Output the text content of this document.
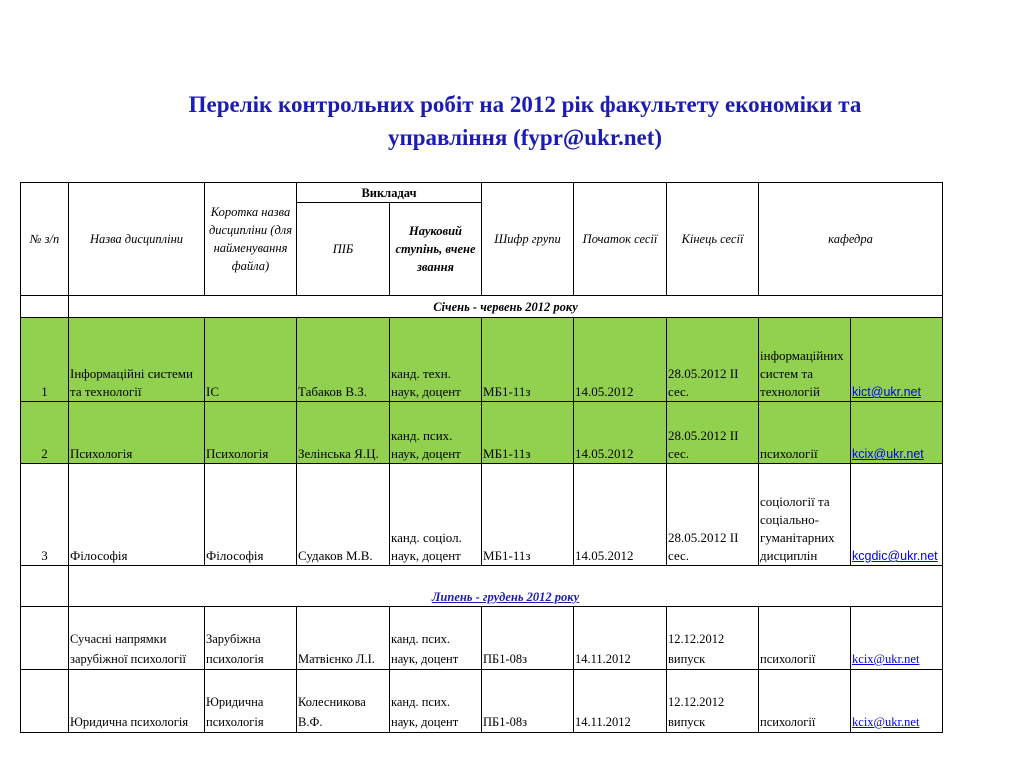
Перелік контрольних робіт на 2012 рік факультету економіки та
управління (fypr@ukr.net)
№ з/п	Назва дисципліни	Коротка назва дисципліни (для найменування файла)	Викладач		Шифр групи	Початок сесії	Кінець сесії	кафедра	
			ПІБ	Науковий ступінь, вчене звання					
	Січень - червень 2012 року								
1	Інформаційні системи та технології	ІС	Табаков В.З.	канд. техн. наук, доцент	МБ1-11з	14.05.2012	28.05.2012 ІІ сес.	інформаційних систем та технологій	kict@ukr.net
2	Психологія	Психологія	Зелінська Я.Ц.	канд. псих. наук, доцент	МБ1-11з	14.05.2012	28.05.2012 ІІ сес.	психології	kcix@ukr.net
3	Філософія	Філософія	Судаков М.В.	канд. соціол. наук, доцент	МБ1-11з	14.05.2012	28.05.2012 ІІ сес.	соціології та соціально-гуманітарних дисциплін	kcgdic@ukr.net
	Липень - грудень 2012 року								
	Сучасні напрямки зарубіжної психології	Зарубіжна психологія	Матвієнко Л.І.	канд. псих. наук, доцент	ПБ1-08з	14.11.2012	12.12.2012 випуск	психології	kcix@ukr.net
	Юридична психологія	Юридична психологія	Колесникова В.Ф.	канд. псих. наук, доцент	ПБ1-08з	14.11.2012	12.12.2012 випуск	психології	kcix@ukr.net
